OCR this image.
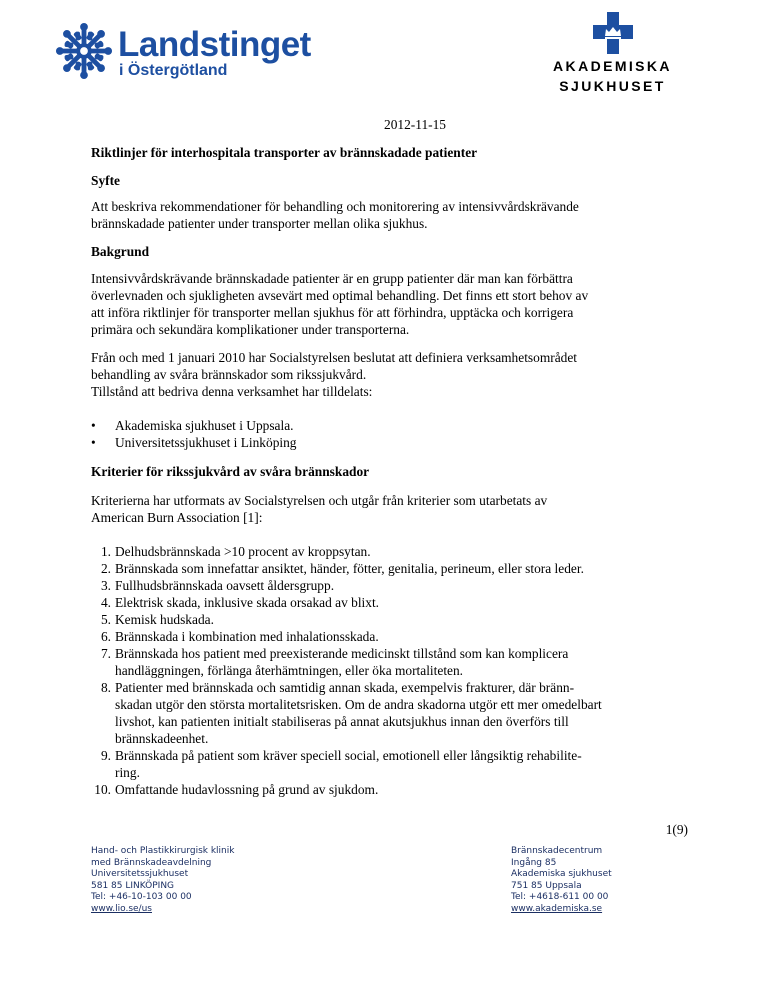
Landstinget
i Östergötland	AKADEMISKA
SJUKHUSET
2012-11-15
Riktlinjer för interhospitala transporter av brännskadade patienter
Syfte
Att beskriva rekommendationer för behandling och monitorering av intensivvårdskrävande
brännskadade patienter under transporter mellan olika sjukhus.
Bakgrund
Intensivvårdskrävande brännskadade patienter är en grupp patienter där man kan förbättra
överlevnaden och sjukligheten avsevärt med optimal behandling. Det finns ett stort behov av
att införa riktlinjer för transporter mellan sjukhus för att förhindra, upptäcka och korrigera
primära och sekundära komplikationer under transporterna.
Från och med 1 januari 2010 har Socialstyrelsen beslutat att definiera verksamhetsområdet
behandling av svåra brännskador som rikssjukvård.
Tillstånd att bedriva denna verksamhet har tilldelats:
• Akademiska sjukhuset i Uppsala.
• Universitetssjukhuset i Linköping
Kriterier för rikssjukvård av svåra brännskador
Kriterierna har utformats av Socialstyrelsen och utgår från kriterier som utarbetats av
American Burn Association [1]:
1. Delhudsbrännskada >10 procent av kroppsytan.
2. Brännskada som innefattar ansiktet, händer, fötter, genitalia, perineum, eller stora leder.
3. Fullhudsbrännskada oavsett åldersgrupp.
4. Elektrisk skada, inklusive skada orsakad av blixt.
5. Kemisk hudskada.
6. Brännskada i kombination med inhalationsskada.
7. Brännskada hos patient med preexisterande medicinskt tillstånd som kan komplicera
handläggningen, förlänga återhämtningen, eller öka mortaliteten.
8. Patienter med brännskada och samtidig annan skada, exempelvis frakturer, där bränn-
skadan utgör den största mortalitetsrisken. Om de andra skadorna utgör ett mer omedelbart
livshot, kan patienten initialt stabiliseras på annat akutsjukhus innan den överförs till
brännskadeenhet.
9. Brännskada på patient som kräver speciell social, emotionell eller långsiktig rehabilite-
ring.
10. Omfattande hudavlossning på grund av sjukdom.
1(9)
Hand- och Plastikkirurgisk klinik
med Brännskadeavdelning
Universitetssjukhuset
581 85 LINKÖPING
Tel: +46-10-103 00 00
www.lio.se/us
Brännskadecentrum
Ingång 85
Akademiska sjukhuset
751 85 Uppsala
Tel: +4618-611 00 00
www.akademiska.se
